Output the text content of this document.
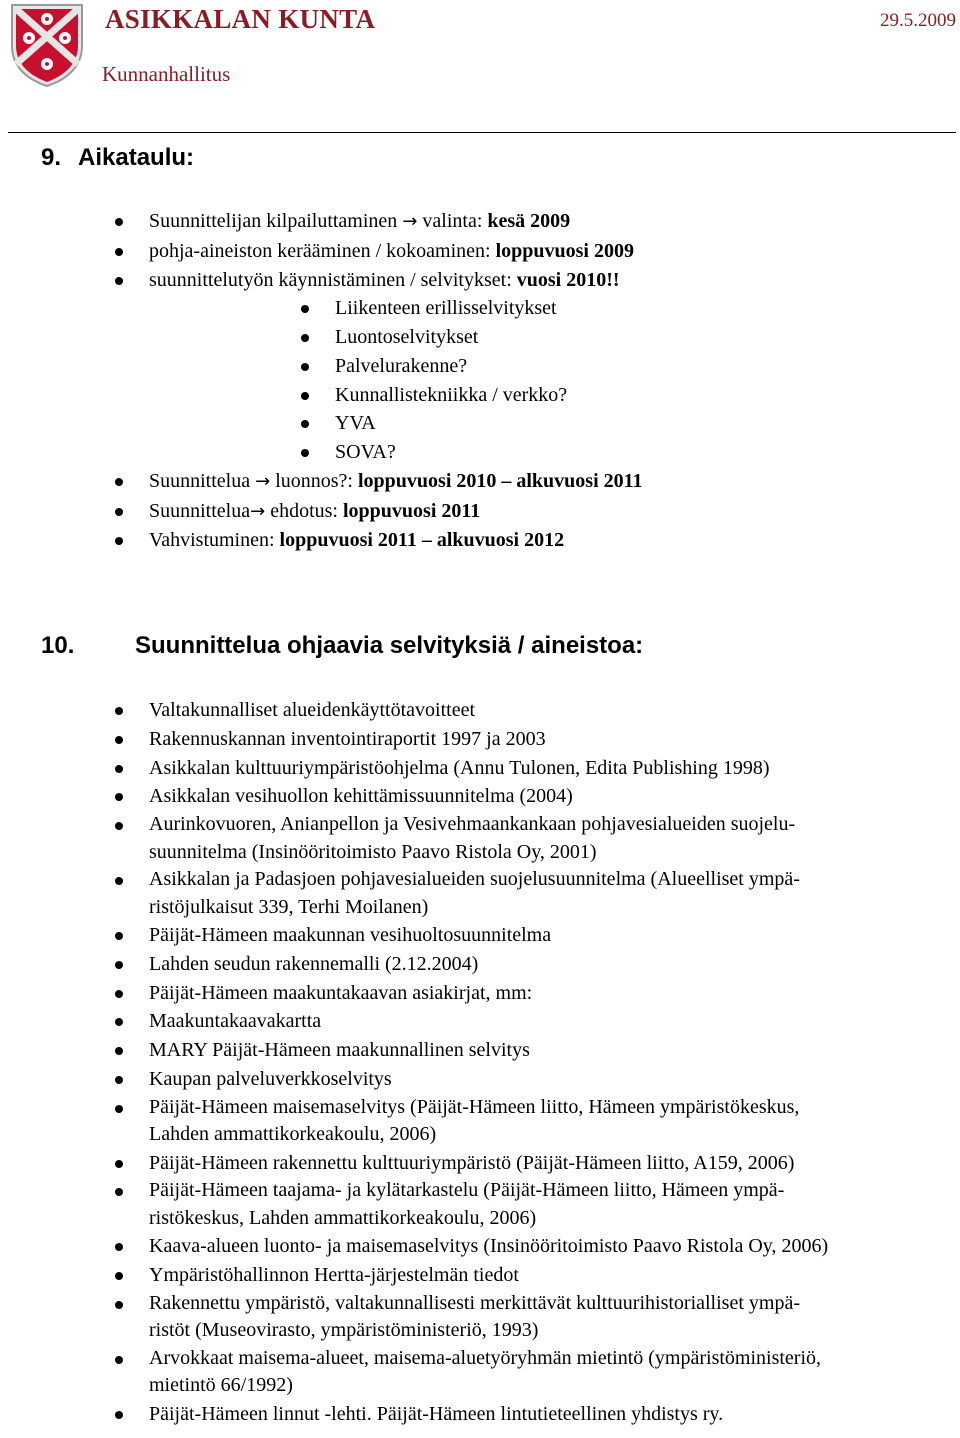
ASIKKALAN KUNTA	29.5.2009
Kunnanhallitus
9. Aikataulu:
Suunnittelijan kilpailuttaminen → valinta: kesä 2009
pohja-aineiston kerääminen / kokoaminen: loppuvuosi 2009
suunnittelutyön käynnistäminen / selvitykset: vuosi 2010!!
Liikenteen erillisselvitykset
Luontoselvitykset
Palvelurakenne?
Kunnallistekniikka / verkko?
YVA
SOVA?
Suunnittelua → luonnos?: loppuvuosi 2010 – alkuvuosi 2011
Suunnittelua→ ehdotus: loppuvuosi 2011
Vahvistuminen: loppuvuosi 2011 – alkuvuosi 2012
10.	Suunnittelua ohjaavia selvityksiä / aineistoa:
Valtakunnalliset alueidenkäyttötavoitteet
Rakennuskannan inventointiraportit 1997 ja 2003
Asikkalan kulttuuriympäristöohjelma (Annu Tulonen, Edita Publishing 1998)
Asikkalan vesihuollon kehittämissuunnitelma (2004)
Aurinkovuoren, Anianpellon ja Vesivehmaankankaan pohjavesialueiden suojelu-
suunnitelma (Insinööritoimisto Paavo Ristola Oy, 2001)
Asikkalan ja Padasjoen pohjavesialueiden suojelusuunnitelma (Alueelliset ympä-
ristöjulkaisut 339, Terhi Moilanen)
Päijät-Hämeen maakunnan vesihuoltosuunnitelma
Lahden seudun rakennemalli (2.12.2004)
Päijät-Hämeen maakuntakaavan asiakirjat, mm:
Maakuntakaavakartta
MARY Päijät-Hämeen maakunnallinen selvitys
Kaupan palveluverkkoselvitys
Päijät-Hämeen maisemaselvitys (Päijät-Hämeen liitto, Hämeen ympäristökeskus,
Lahden ammattikorkeakoulu, 2006)
Päijät-Hämeen rakennettu kulttuuriympäristö (Päijät-Hämeen liitto, A159, 2006)
Päijät-Hämeen taajama- ja kylätarkastelu (Päijät-Hämeen liitto, Hämeen ympä-
ristökeskus, Lahden ammattikorkeakoulu, 2006)
Kaava-alueen luonto- ja maisemaselvitys (Insinööritoimisto Paavo Ristola Oy, 2006)
Ympäristöhallinnon Hertta-järjestelmän tiedot
Rakennettu ympäristö, valtakunnallisesti merkittävät kulttuurihistorialliset ympä-
ristöt (Museovirasto, ympäristöministeriö, 1993)
Arvokkaat maisema-alueet, maisema-aluetyöryhmän mietintö (ympäristöministeriö,
mietintö 66/1992)
Päijät-Hämeen linnut -lehti. Päijät-Hämeen lintutieteellinen yhdistys ry.
